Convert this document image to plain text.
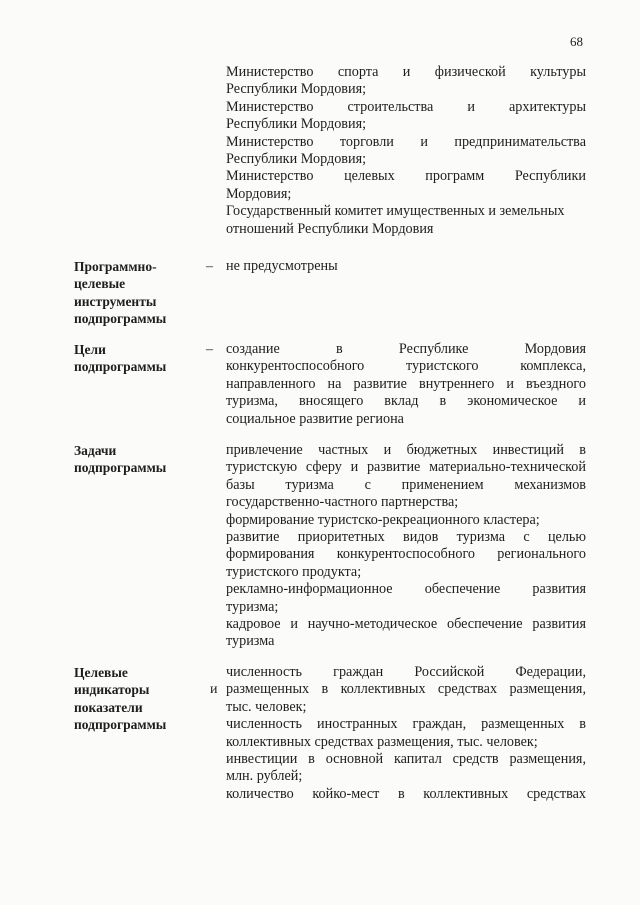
68
Министерство спорта и физической культуры
Республики Мордовия;
Министерство строительства и архитектуры
Республики Мордовия;
Министерство торговли и предпринимательства
Республики Мордовия;
Министерство целевых программ Республики
Мордовия;
Государственный комитет имущественных и земельных
отношений Республики Мордовия
Программно-
целевые
инструменты
подпрограммы
– не предусмотрены
Цели
подпрограммы
– создание в Республике Мордовия
конкурентоспособного туристского комплекса,
направленного на развитие внутреннего и въездного
туризма, вносящего вклад в экономическое и
социальное развитие региона
Задачи
подпрограммы
привлечение частных и бюджетных инвестиций в
туристскую сферу и развитие материально-технической
базы туризма с применением механизмов
государственно-частного партнерства;
формирование туристско-рекреационного кластера;
развитие приоритетных видов туризма с целью
формирования конкурентоспособного регионального
туристского продукта;
рекламно-информационное обеспечение развития
туризма;
кадровое и научно-методическое обеспечение развития
туризма
Целевые
индикаторы
показатели
подпрограммы
и
численность граждан Российской Федерации,
размещенных в коллективных средствах размещения,
тыс. человек;
численность иностранных граждан, размещенных в
коллективных средствах размещения, тыс. человек;
инвестиции в основной капитал средств размещения,
млн. рублей;
количество койко-мест в коллективных средствах
